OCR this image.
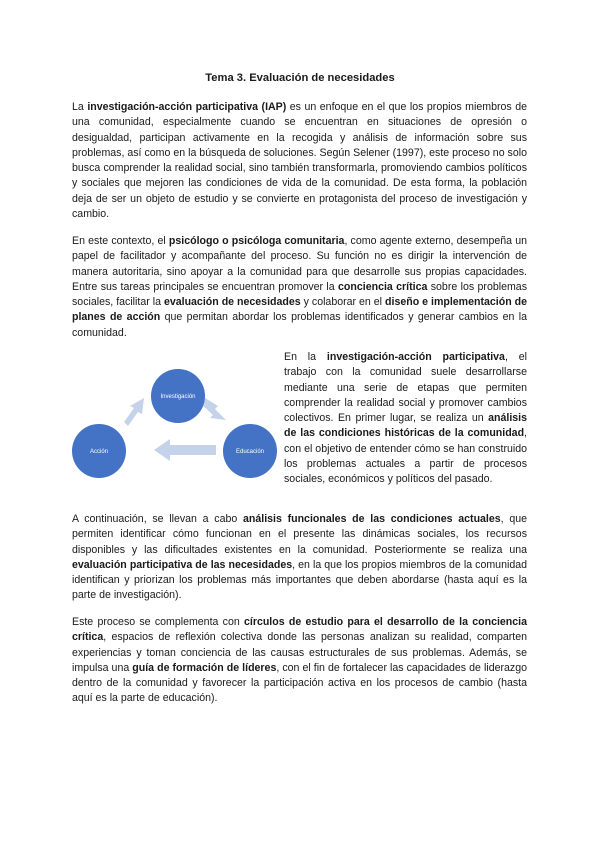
Tema 3. Evaluación de necesidades

La investigación-acción participativa (IAP) es un enfoque en el que los propios miembros de una comunidad, especialmente cuando se encuentran en situaciones de opresión o desigualdad, participan activamente en la recogida y análisis de información sobre sus problemas, así como en la búsqueda de soluciones. Según Selener (1997), este proceso no solo busca comprender la realidad social, sino también transformarla, promoviendo cambios políticos y sociales que mejoren las condiciones de vida de la comunidad. De esta forma, la población deja de ser un objeto de estudio y se convierte en protagonista del proceso de investigación y cambio.

En este contexto, el psicólogo o psicóloga comunitaria, como agente externo, desempeña un papel de facilitador y acompañante del proceso. Su función no es dirigir la intervención de manera autoritaria, sino apoyar a la comunidad para que desarrolle sus propias capacidades. Entre sus tareas principales se encuentran promover la conciencia crítica sobre los problemas sociales, facilitar la evaluación de necesidades y colaborar en el diseño e implementación de planes de acción que permitan abordar los problemas identificados y generar cambios en la comunidad.

Investigación
Educación
Acción

En la investigación-acción participativa, el trabajo con la comunidad suele desarrollarse mediante una serie de etapas que permiten comprender la realidad social y promover cambios colectivos. En primer lugar, se realiza un análisis de las condiciones históricas de la comunidad, con el objetivo de entender cómo se han construido los problemas actuales a partir de procesos sociales, económicos y políticos del pasado.

A continuación, se llevan a cabo análisis funcionales de las condiciones actuales, que permiten identificar cómo funcionan en el presente las dinámicas sociales, los recursos disponibles y las dificultades existentes en la comunidad. Posteriormente se realiza una evaluación participativa de las necesidades, en la que los propios miembros de la comunidad identifican y priorizan los problemas más importantes que deben abordarse (hasta aquí es la parte de investigación).

Este proceso se complementa con círculos de estudio para el desarrollo de la conciencia crítica, espacios de reflexión colectiva donde las personas analizan su realidad, comparten experiencias y toman conciencia de las causas estructurales de sus problemas. Además, se impulsa una guía de formación de líderes, con el fin de fortalecer las capacidades de liderazgo dentro de la comunidad y favorecer la participación activa en los procesos de cambio (hasta aquí es la parte de educación).
